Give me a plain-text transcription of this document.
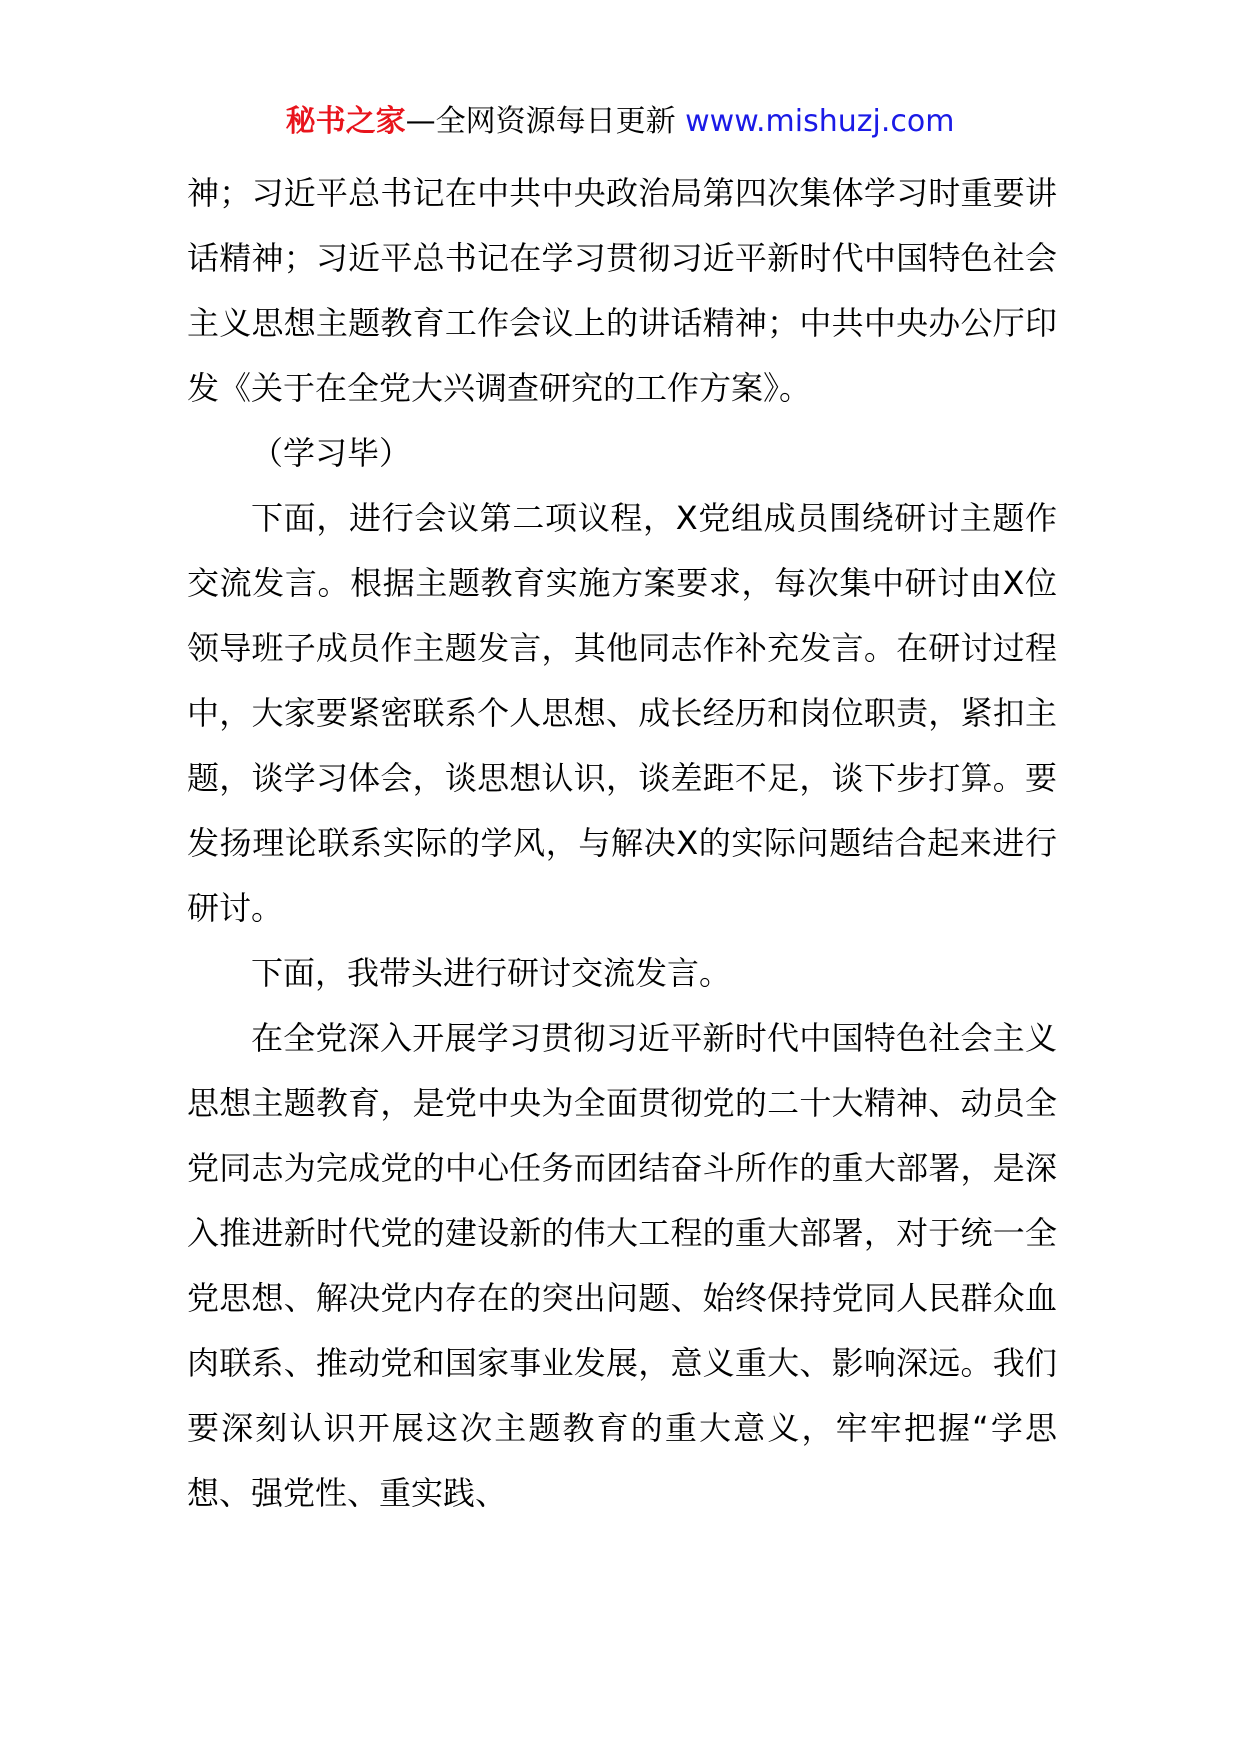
秘书之家—全网资源每日更新 www.mishuzj.com

神；习近平总书记在中共中央政治局第四次集体学习时重要讲话精神；习近平总书记在学习贯彻习近平新时代中国特色社会主义思想主题教育工作会议上的讲话精神；中共中央办公厅印发《关于在全党大兴调查研究的工作方案》。

（学习毕）

下面，进行会议第二项议程，X党组成员围绕研讨主题作交流发言。根据主题教育实施方案要求，每次集中研讨由X位领导班子成员作主题发言，其他同志作补充发言。在研讨过程中，大家要紧密联系个人思想、成长经历和岗位职责，紧扣主题，谈学习体会，谈思想认识，谈差距不足，谈下步打算。要发扬理论联系实际的学风，与解决X的实际问题结合起来进行研讨。

下面，我带头进行研讨交流发言。

在全党深入开展学习贯彻习近平新时代中国特色社会主义思想主题教育，是党中央为全面贯彻党的二十大精神、动员全党同志为完成党的中心任务而团结奋斗所作的重大部署，是深入推进新时代党的建设新的伟大工程的重大部署，对于统一全党思想、解决党内存在的突出问题、始终保持党同人民群众血肉联系、推动党和国家事业发展，意义重大、影响深远。我们要深刻认识开展这次主题教育的重大意义，牢牢把握“学思想、强党性、重实践、
